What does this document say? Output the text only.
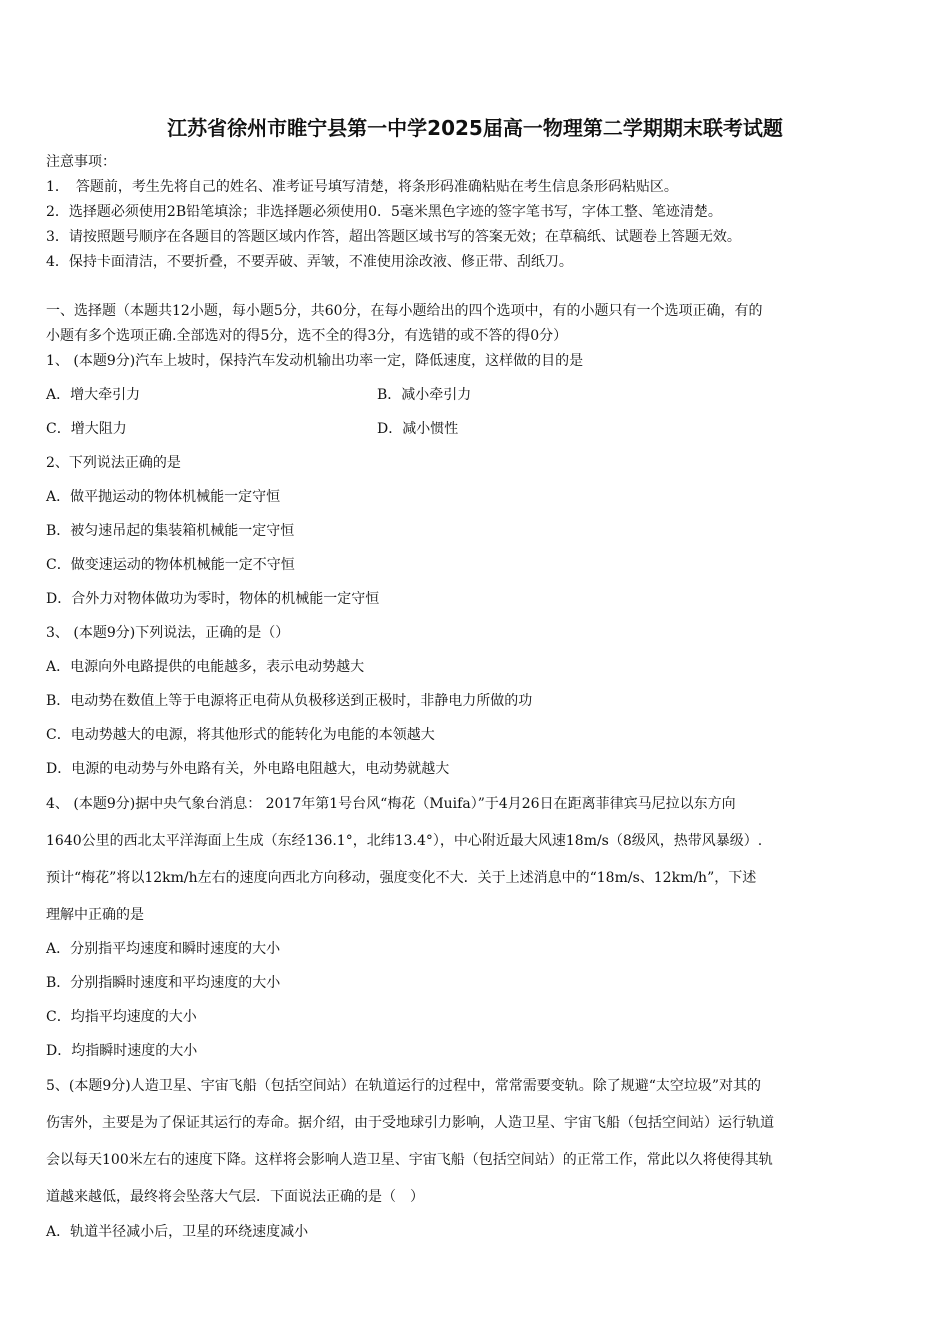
江苏省徐州市睢宁县第一中学2025届高一物理第二学期期末联考试题
注意事项：
1．　答题前，考生先将自己的姓名、准考证号填写清楚，将条形码准确粘贴在考生信息条形码粘贴区。
2．选择题必须使用2B铅笔填涂；非选择题必须使用0．5毫米黑色字迹的签字笔书写，字体工整、笔迹清楚。
3．请按照题号顺序在各题目的答题区域内作答，超出答题区域书写的答案无效；在草稿纸、试题卷上答题无效。
4．保持卡面清洁，不要折叠，不要弄破、弄皱，不准使用涂改液、修正带、刮纸刀。
一、选择题（本题共12小题，每小题5分，共60分，在每小题给出的四个选项中，有的小题只有一个选项正确，有的
小题有多个选项正确.全部选对的得5分，选不全的得3分，有选错的或不答的得0分）
1、 (本题9分)汽车上坡时，保持汽车发动机输出功率一定，降低速度，这样做的目的是
A．增大牵引力	B．减小牵引力
C．增大阻力	D．减小惯性
2、下列说法正确的是
A．做平抛运动的物体机械能一定守恒
B．被匀速吊起的集装箱机械能一定守恒
C．做变速运动的物体机械能一定不守恒
D．合外力对物体做功为零时，物体的机械能一定守恒
3、 (本题9分)下列说法，正确的是（）
A．电源向外电路提供的电能越多，表示电动势越大
B．电动势在数值上等于电源将正电荷从负极移送到正极时，非静电力所做的功
C．电动势越大的电源，将其他形式的能转化为电能的本领越大
D．电源的电动势与外电路有关，外电路电阻越大，电动势就越大
4、 (本题9分)据中央气象台消息： 2017年第1号台风“梅花（Muifa）”于4月26日在距离菲律宾马尼拉以东方向
1640公里的西北太平洋海面上生成（东经136.1°，北纬13.4°），中心附近最大风速18m/s（8级风，热带风暴级）.
预计“梅花”将以12km/h左右的速度向西北方向移动，强度变化不大．关于上述消息中的“18m/s、12km/h”，下述
理解中正确的是
A．分别指平均速度和瞬时速度的大小
B．分别指瞬时速度和平均速度的大小
C．均指平均速度的大小
D．均指瞬时速度的大小
5、(本题9分)人造卫星、宇宙飞船（包括空间站）在轨道运行的过程中，常常需要变轨。除了规避“太空垃圾”对其的
伤害外，主要是为了保证其运行的寿命。据介绍，由于受地球引力影响，人造卫星、宇宙飞船（包括空间站）运行轨道
会以每天100米左右的速度下降。这样将会影响人造卫星、宇宙飞船（包括空间站）的正常工作，常此以久将使得其轨
道越来越低，最终将会坠落大气层．下面说法正确的是（　）
A．轨道半径减小后，卫星的环绕速度减小
